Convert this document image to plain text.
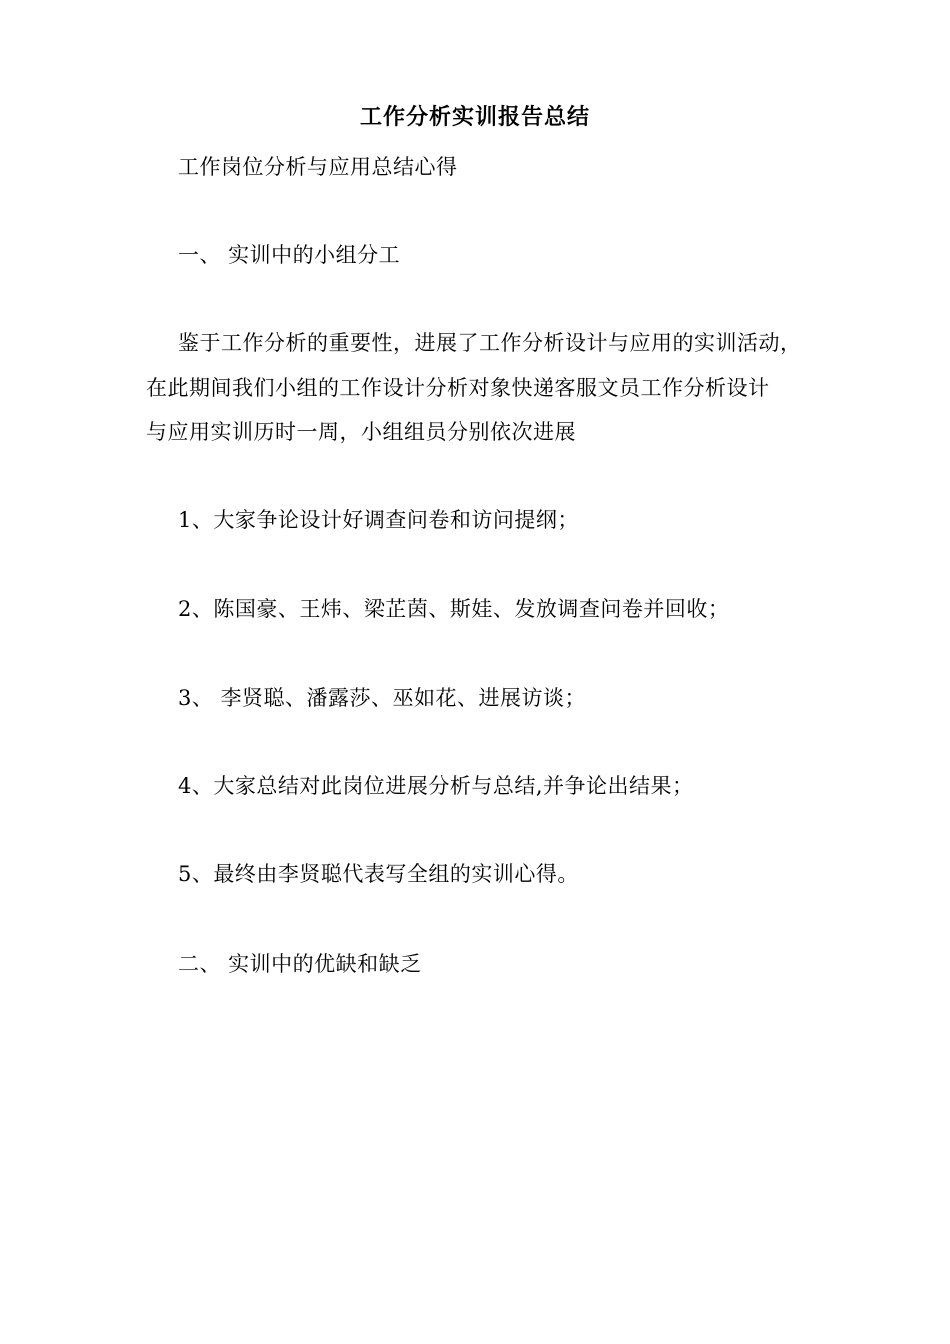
工作分析实训报告总结
工作岗位分析与应用总结心得
一、 实训中的小组分工
鉴于工作分析的重要性，进展了工作分析设计与应用的实训活动，
在此期间我们小组的工作设计分析对象快递客服文员工作分析设计
与应用实训历时一周，小组组员分别依次进展
1、大家争论设计好调查问卷和访问提纲；
2、陈国豪、王炜、梁芷茵、斯娃、发放调查问卷并回收；
3、 李贤聪、潘露莎、巫如花、进展访谈；
4、大家总结对此岗位进展分析与总结,并争论出结果；
5、最终由李贤聪代表写全组的实训心得。
二、 实训中的优缺和缺乏
